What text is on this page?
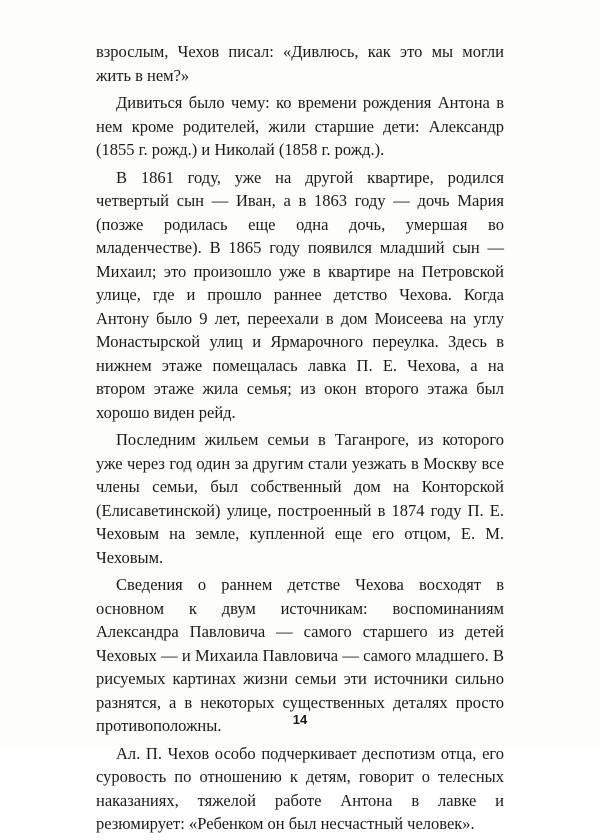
взрослым, Чехов писал: «Дивлюсь, как это мы могли жить в нем?»

Дивиться было чему: ко времени рождения Антона в нем кроме родителей, жили старшие дети: Александр (1855 г. рожд.) и Николай (1858 г. рожд.).

В 1861 году, уже на другой квартире, родился четвертый сын — Иван, а в 1863 году — дочь Мария (позже родилась еще одна дочь, умершая во младенчестве). В 1865 году появился младший сын — Михаил; это произошло уже в квартире на Петровской улице, где и прошло раннее детство Чехова. Когда Антону было 9 лет, переехали в дом Моисеева на углу Монастырской улиц и Ярмарочного переулка. Здесь в нижнем этаже помещалась лавка П. Е. Чехова, а на втором этаже жила семья; из окон второго этажа был хорошо виден рейд.

Последним жильем семьи в Таганроге, из которого уже через год один за другим стали уезжать в Москву все члены семьи, был собственный дом на Конторской (Елисаветинской) улице, построенный в 1874 году П. Е. Чеховым на земле, купленной еще его отцом, Е. М. Чеховым.

Сведения о раннем детстве Чехова восходят в основном к двум источникам: воспоминаниям Александра Павловича — самого старшего из детей Чеховых — и Михаила Павловича — самого младшего. В рисуемых картинах жизни семьи эти источники сильно разнятся, а в некоторых существенных деталях просто противоположны.

Ал. П. Чехов особо подчеркивает деспотизм отца, его суровость по отношению к детям, говорит о телесных наказаниях, тяжелой работе Антона в лавке и резюмирует: «Ребенком он был несчастный человек».

14
